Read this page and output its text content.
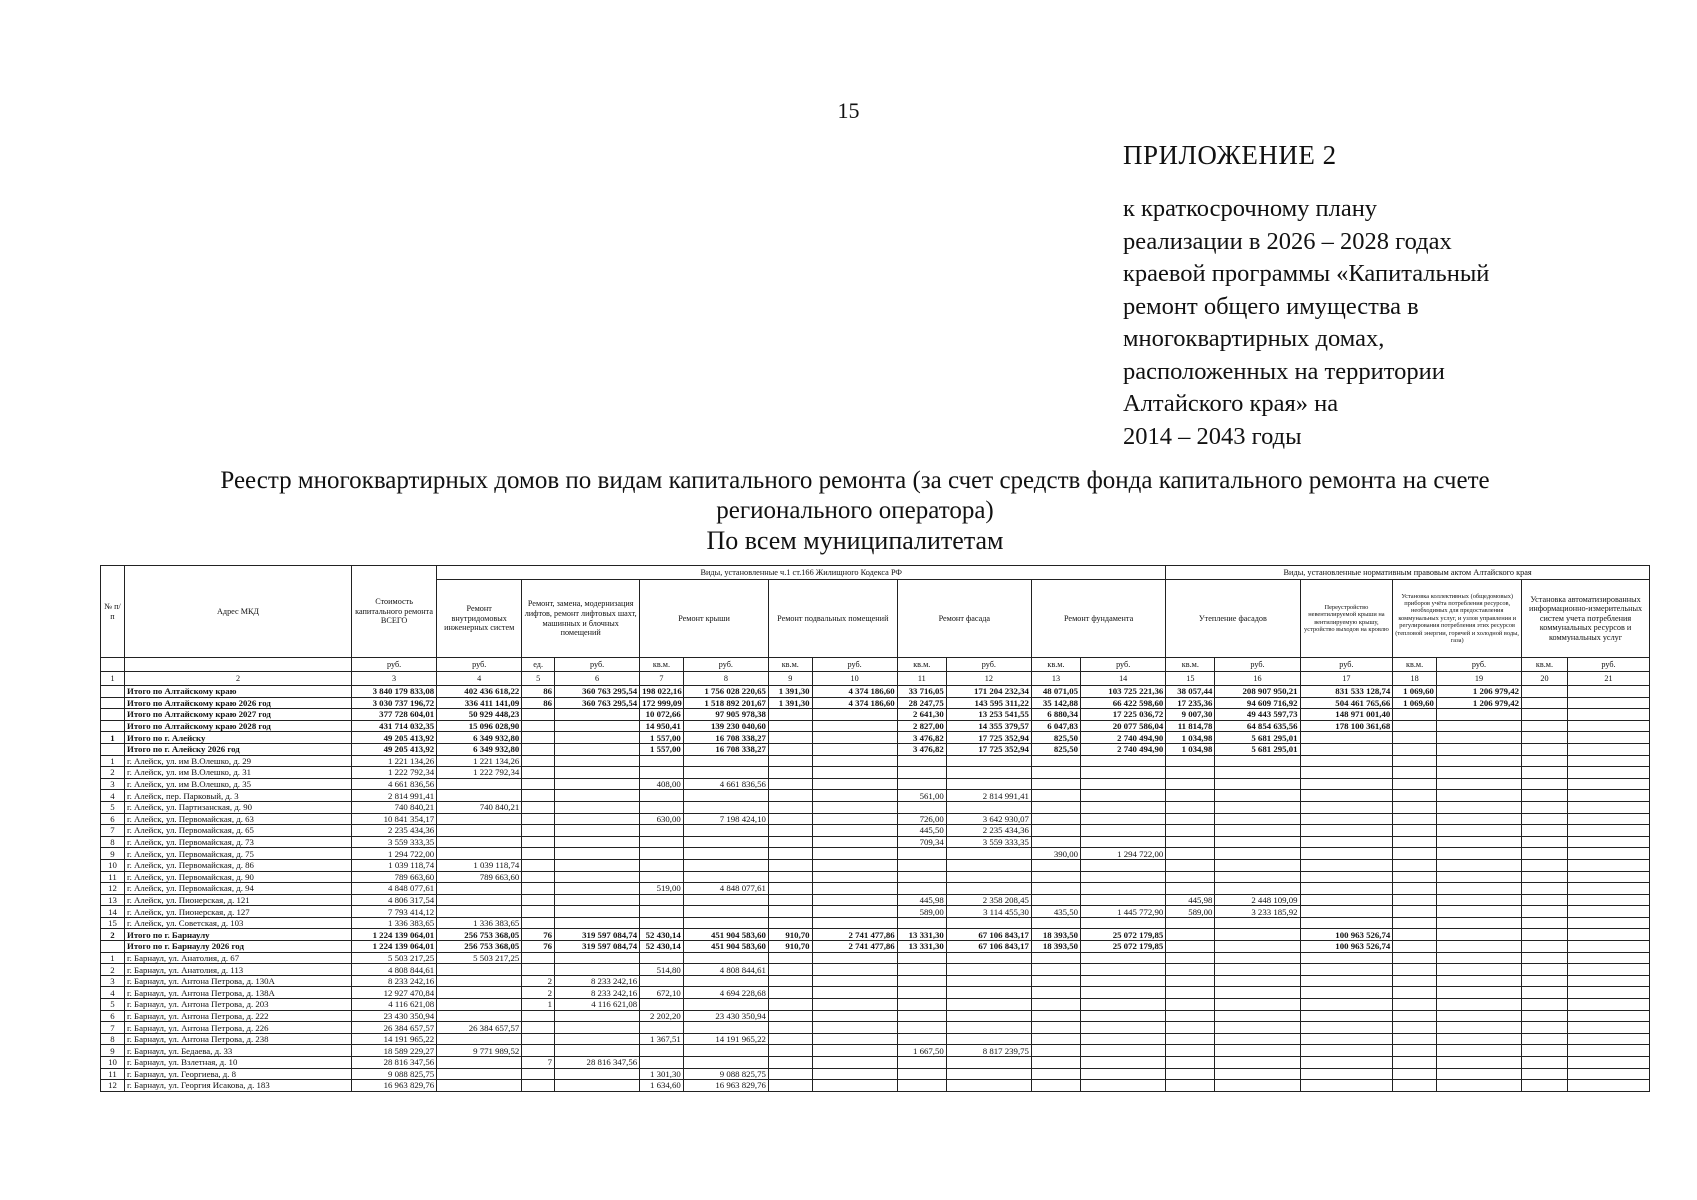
15
ПРИЛОЖЕНИЕ 2
к краткосрочному плану
реализации в 2026 – 2028 годах
краевой программы «Капитальный
ремонт общего имущества в
многоквартирных домах,
расположенных на территории
Алтайского края» на
2014 – 2043 годы
Реестр многоквартирных домов по видам капитального ремонта (за счет средств фонда капитального ремонта на счете
регионального оператора)
По всем муниципалитетам
№ п/п	Адрес МКД	Стоимость капитального ремонта ВСЕГО	Виды, установленные ч.1 ст.166 Жилищного Кодекса РФ											Виды, установленные нормативным правовым актом Алтайского края						
			Ремонт внутридомовых инженерных систем	Ремонт, замена, модернизация лифтов, ремонт лифтовых шахт, машинных и блочных помещений		Ремонт крыши		Ремонт подвальных помещений		Ремонт фасада		Ремонт фундамента		Утепление фасадов		Переустройство невентилируемой крыши на вентилируемую крышу, устройство выходов на кровлю	Установка коллективных (общедомовых) приборов учёта потребления ресурсов, необходимых для предоставления коммунальных услуг, и узлов управления и регулирования потребления этих ресурсов (тепловой энергии, горячей и холодной воды, газа)		Установка автоматизированных информационно-измерительных систем учета потребления коммунальных ресурсов и коммунальных услуг	
		руб.	руб.	ед.	руб.	кв.м.	руб.	кв.м.	руб.	кв.м.	руб.	кв.м.	руб.	кв.м.	руб.	руб.	кв.м.	руб.	кв.м.	руб.
1	2	3	4	5	6	7	8	9	10	11	12	13	14	15	16	17	18	19	20	21
	Итого по Алтайскому краю	3 840 179 833,08	402 436 618,22	86	360 763 295,54	198 022,16	1 756 028 220,65	1 391,30	4 374 186,60	33 716,05	171 204 232,34	48 071,05	103 725 221,36	38 057,44	208 907 950,21	831 533 128,74	1 069,60	1 206 979,42		
	Итого по Алтайскому краю 2026 год	3 030 737 196,72	336 411 141,09	86	360 763 295,54	172 999,09	1 518 892 201,67	1 391,30	4 374 186,60	28 247,75	143 595 311,22	35 142,88	66 422 598,60	17 235,36	94 609 716,92	504 461 765,66	1 069,60	1 206 979,42		
	Итого по Алтайскому краю 2027 год	377 728 604,01	50 929 448,23			10 072,66	97 905 978,38			2 641,30	13 253 541,55	6 880,34	17 225 036,72	9 007,30	49 443 597,73	148 971 001,40				
	Итого по Алтайскому краю 2028 год	431 714 032,35	15 096 028,90			14 950,41	139 230 040,60			2 827,00	14 355 379,57	6 047,83	20 077 586,04	11 814,78	64 854 635,56	178 100 361,68				
1	Итого по г. Алейску	49 205 413,92	6 349 932,80			1 557,00	16 708 338,27			3 476,82	17 725 352,94	825,50	2 740 494,90	1 034,98	5 681 295,01					
	Итого по г. Алейску 2026 год	49 205 413,92	6 349 932,80			1 557,00	16 708 338,27			3 476,82	17 725 352,94	825,50	2 740 494,90	1 034,98	5 681 295,01					
1	г. Алейск, ул. им В.Олешко, д. 29	1 221 134,26	1 221 134,26																	
2	г. Алейск, ул. им В.Олешко, д. 31	1 222 792,34	1 222 792,34																	
3	г. Алейск, ул. им В.Олешко, д. 35	4 661 836,56				408,00	4 661 836,56													
4	г. Алейск, пер. Парковый, д. 3	2 814 991,41								561,00	2 814 991,41									
5	г. Алейск, ул. Партизанская, д. 90	740 840,21	740 840,21																	
6	г. Алейск, ул. Первомайская, д. 63	10 841 354,17				630,00	7 198 424,10			726,00	3 642 930,07									
7	г. Алейск, ул. Первомайская, д. 65	2 235 434,36								445,50	2 235 434,36									
8	г. Алейск, ул. Первомайская, д. 73	3 559 333,35								709,34	3 559 333,35									
9	г. Алейск, ул. Первомайская, д. 75	1 294 722,00										390,00	1 294 722,00							
10	г. Алейск, ул. Первомайская, д. 86	1 039 118,74	1 039 118,74																	
11	г. Алейск, ул. Первомайская, д. 90	789 663,60	789 663,60																	
12	г. Алейск, ул. Первомайская, д. 94	4 848 077,61				519,00	4 848 077,61													
13	г. Алейск, ул. Пионерская, д. 121	4 806 317,54								445,98	2 358 208,45			445,98	2 448 109,09					
14	г. Алейск, ул. Пионерская, д. 127	7 793 414,12								589,00	3 114 455,30	435,50	1 445 772,90	589,00	3 233 185,92					
15	г. Алейск, ул. Советская, д. 103	1 336 383,65	1 336 383,65																	
2	Итого по г. Барнаулу	1 224 139 064,01	256 753 368,05	76	319 597 084,74	52 430,14	451 904 583,60	910,70	2 741 477,86	13 331,30	67 106 843,17	18 393,50	25 072 179,85			100 963 526,74				
	Итого по г. Барнаулу 2026 год	1 224 139 064,01	256 753 368,05	76	319 597 084,74	52 430,14	451 904 583,60	910,70	2 741 477,86	13 331,30	67 106 843,17	18 393,50	25 072 179,85			100 963 526,74				
1	г. Барнаул, ул. Анатолия, д. 67	5 503 217,25	5 503 217,25																	
2	г. Барнаул, ул. Анатолия, д. 113	4 808 844,61				514,80	4 808 844,61													
3	г. Барнаул, ул. Антона Петрова, д. 130А	8 233 242,16		2	8 233 242,16															
4	г. Барнаул, ул. Антона Петрова, д. 138А	12 927 470,84		2	8 233 242,16	672,10	4 694 228,68													
5	г. Барнаул, ул. Антона Петрова, д. 203	4 116 621,08		1	4 116 621,08															
6	г. Барнаул, ул. Антона Петрова, д. 222	23 430 350,94				2 202,20	23 430 350,94													
7	г. Барнаул, ул. Антона Петрова, д. 226	26 384 657,57	26 384 657,57																	
8	г. Барнаул, ул. Антона Петрова, д. 238	14 191 965,22				1 367,51	14 191 965,22													
9	г. Барнаул, ул. Бедаева, д. 33	18 589 229,27	9 771 989,52							1 667,50	8 817 239,75									
10	г. Барнаул, ул. Взлетная, д. 10	28 816 347,56		7	28 816 347,56															
11	г. Барнаул, ул. Георгиева, д. 8	9 088 825,75				1 301,30	9 088 825,75													
12	г. Барнаул, ул. Георгия Исакова, д. 183	16 963 829,76				1 634,60	16 963 829,76													
